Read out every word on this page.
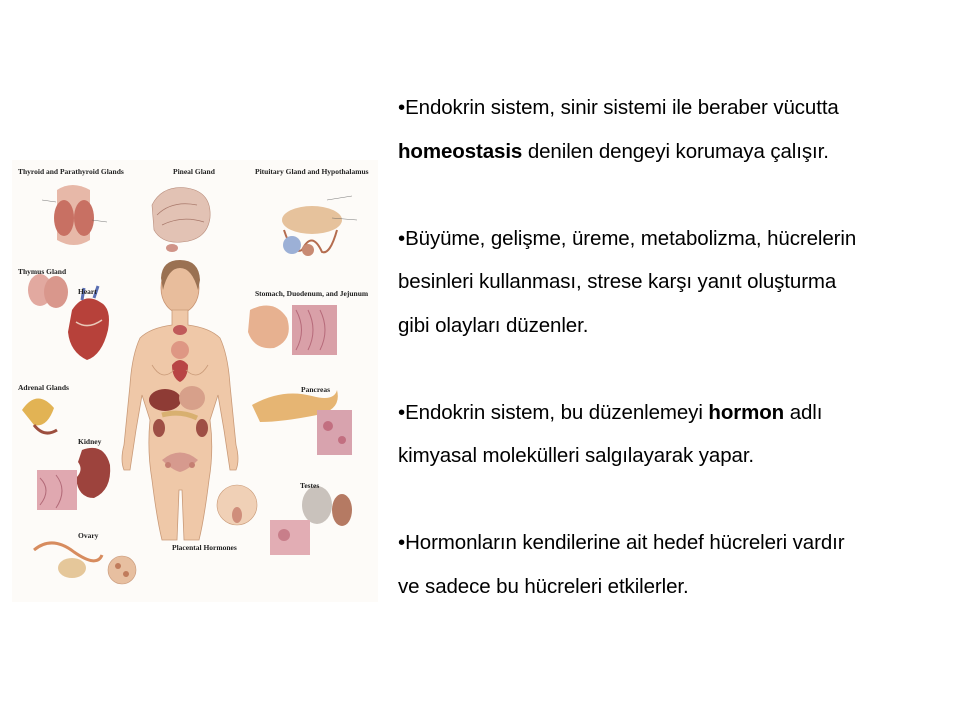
Thyroid and Parathyroid Glands	Pineal Gland	Pituitary Gland and Hypothalamus
Thymus Gland
Heart	Stomach, Duodenum, and Jejunum
Adrenal Glands	Pancreas
Kidney
Testes
Ovary
Placental Hormones

•Endokrin sistem, sinir sistemi ile beraber vücutta

homeostasis denilen dengeyi korumaya çalışır.

•Büyüme, gelişme, üreme, metabolizma, hücrelerin

besinleri kullanması, strese karşı yanıt oluşturma

gibi olayları düzenler.

•Endokrin sistem, bu düzenlemeyi hormon adlı

kimyasal molekülleri salgılayarak yapar.

•Hormonların kendilerine ait hedef hücreleri vardır

ve sadece bu hücreleri etkilerler.
